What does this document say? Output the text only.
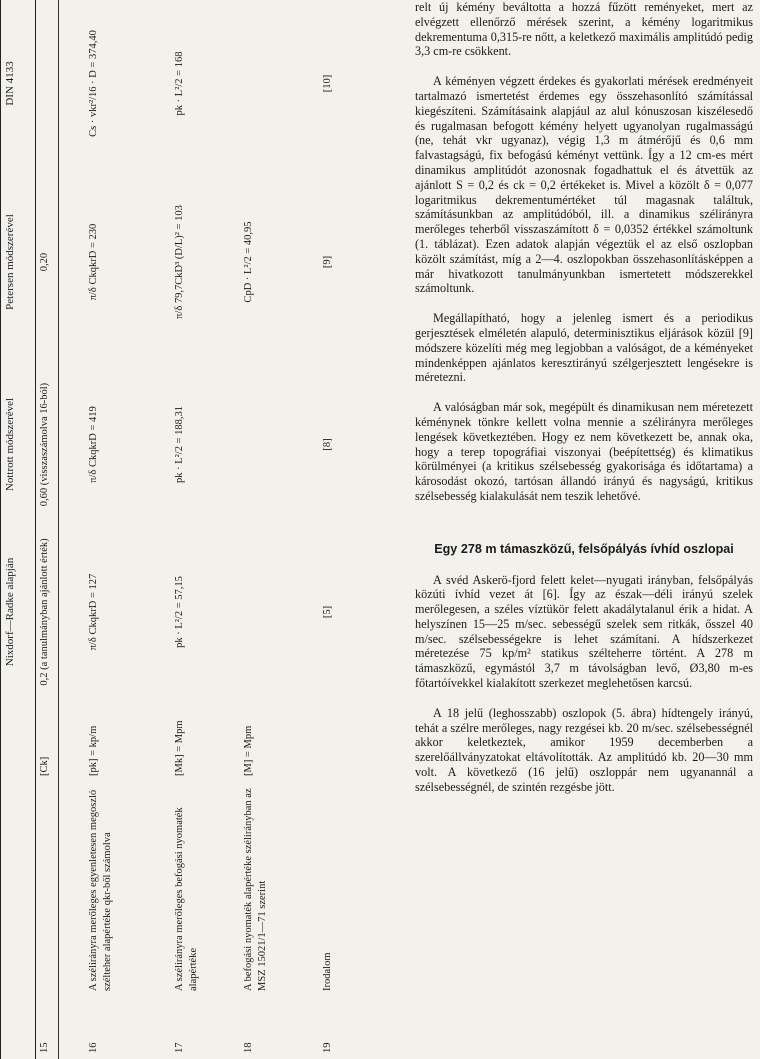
			Nixdorf—Radke alapján	Nottrott módszerével	Petersen módszerével	DIN 4133
15		[Ck]	0,2 (a tanulmányban ajánlott érték)	0,60 (visszaszámolva 16-ból)	0,20	
16	A szélirányra merőleges egyenletesen megoszló szélteher alapértéke qkr-ből számolva	[pk] = kp/m	π/δ CkqkrD = 127	π/δ CkqkrD = 419	π/δ CkqkrD = 230	Cs · vkr²/16 · D = 374,40
17	A szélirányra merőleges befogási nyomaték alapértéke	[Mk] = Mpm	pk · L²/2 = 57,15	pk · L²/2 = 188,31	π/δ 79,7CkD³ (D/L)² = 103	pk · L²/2 = 168
18	A befogási nyomaték alapértéke szélirányban az MSZ 15021/1—71 szerint	[M] = Mpm			CpD · L²/2 = 40,95	
19	Irodalom		[5]	[8]	[9]	[10]

relt új kémény beváltotta a hozzá fűzött reményeket, mert az elvégzett ellenőrző mérések szerint, a kémény logaritmikus dekrementuma 0,315-re nőtt, a keletkező maximális amplitúdó pedig 3,3 cm-re csökkent.

A kéményen végzett érdekes és gyakorlati mérések eredményeit tartalmazó ismertetést érdemes egy összehasonlító számítással kiegészíteni. Számításaink alapjául az alul kónuszosan kiszélesedő és rugalmasan befogott kémény helyett ugyanolyan rugalmasságú (ne, tehát vkr ugyanaz), végig 1,3 m átmérőjű és 0,6 mm falvastagságú, fix befogású kéményt vettünk. Így a 12 cm-es mért dinamikus amplitúdót azonosnak fogadhattuk el és átvettük az ajánlott S = 0,2 és ck = 0,2 értékeket is. Mivel a közölt δ = 0,077 logaritmikus dekrementumértéket túl magasnak találtuk, számításunkban az amplitúdóból, ill. a dinamikus szélirányra merőleges teherből visszaszámított δ = 0,0352 értékkel számoltunk (1. táblázat). Ezen adatok alapján végeztük el az első oszlopban közölt számítást, míg a 2—4. oszlopokban összehasonlításképpen a már hivatkozott tanulmányunkban ismertetett módszerekkel számoltunk.

Megállapítható, hogy a jelenleg ismert és a periodikus gerjesztések elméletén alapuló, determinisztikus eljárások közül [9] módszere közelíti még meg legjobban a valóságot, de a kéményeket mindenképpen ajánlatos keresztirányú szélgerjesztett lengésekre is méretezni.

A valóságban már sok, megépült és dinamikusan nem méretezett kéménynek tönkre kellett volna mennie a szélirányra merőleges lengések következtében. Hogy ez nem következett be, annak oka, hogy a terep topográfiai viszonyai (beépítettség) és klimatikus körülményei (a kritikus szélsebesség gyakorisága és időtartama) a károsodást okozó, tartósan állandó irányú és nagyságú, kritikus szélsebesség kialakulását nem teszik lehetővé.

Egy 278 m támaszközű, felsőpályás ívhíd oszlopai

A svéd Askerö-fjord felett kelet—nyugati irányban, felsőpályás közúti ívhíd vezet át [6]. Így az észak—déli irányú szelek merőlegesen, a széles víztükör felett akadálytalanul érik a hidat. A helyszínen 15—25 m/sec. sebességű szelek sem ritkák, ősszel 40 m/sec. szélsebességekre is lehet számítani. A hídszerkezet méretezése 75 kp/m² statikus szélteherre történt. A 278 m támaszközű, egymástól 3,7 m távolságban levő, Ø3,80 m-es főtartóívekkel kialakított szerkezet meglehetősen karcsú.

A 18 jelű (leghosszabb) oszlopok (5. ábra) hídtengely irányú, tehát a szélre merőleges, nagy rezgései kb. 20 m/sec. szélsebességnél akkor keletkeztek, amikor 1959 decemberben a szerelőállványzatokat eltávolították. Az amplitúdó kb. 20—30 mm volt. A következő (16 jelű) oszloppár nem ugyanannál a szélsebességnél, de szintén rezgésbe jött.
